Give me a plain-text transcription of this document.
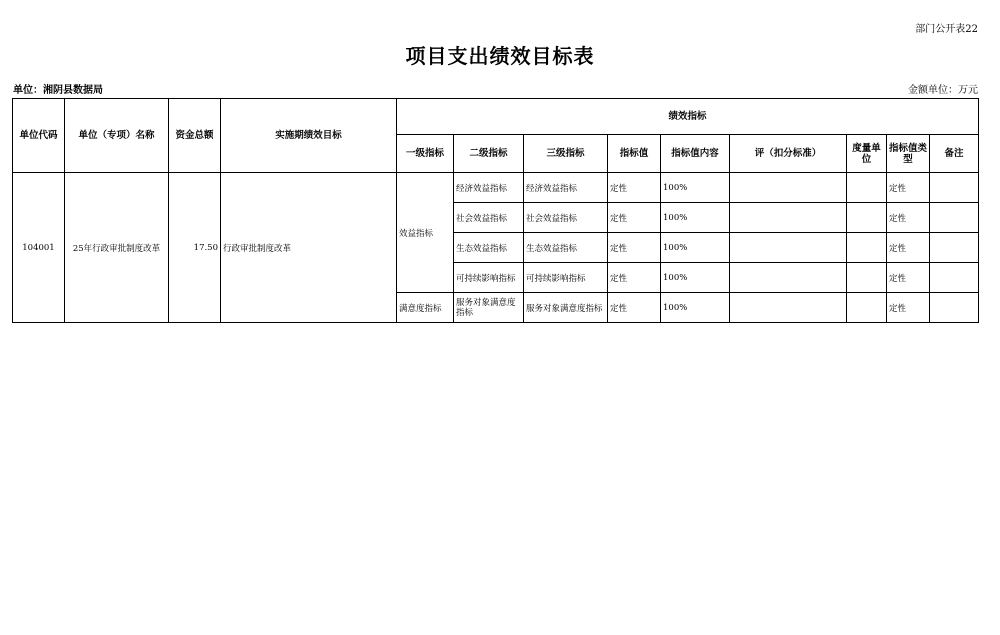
部门公开表22
项目支出绩效目标表
单位：湘阴县数据局	金额单位：万元
单位代码	单位（专项）名称	资金总额	实施期绩效目标	绩效指标								
				一级指标	二级指标	三级指标	指标值	指标值内容	评（扣分标准）	度量单位	指标值类型	备注
104001	25年行政审批制度改革	17.50	行政审批制度改革	效益指标	经济效益指标	经济效益指标	定性	100%			定性	
					社会效益指标	社会效益指标	定性	100%			定性	
					生态效益指标	生态效益指标	定性	100%			定性	
					可持续影响指标	可持续影响指标	定性	100%			定性	
				满意度指标	服务对象满意度指标	服务对象满意度指标	定性	100%			定性	
